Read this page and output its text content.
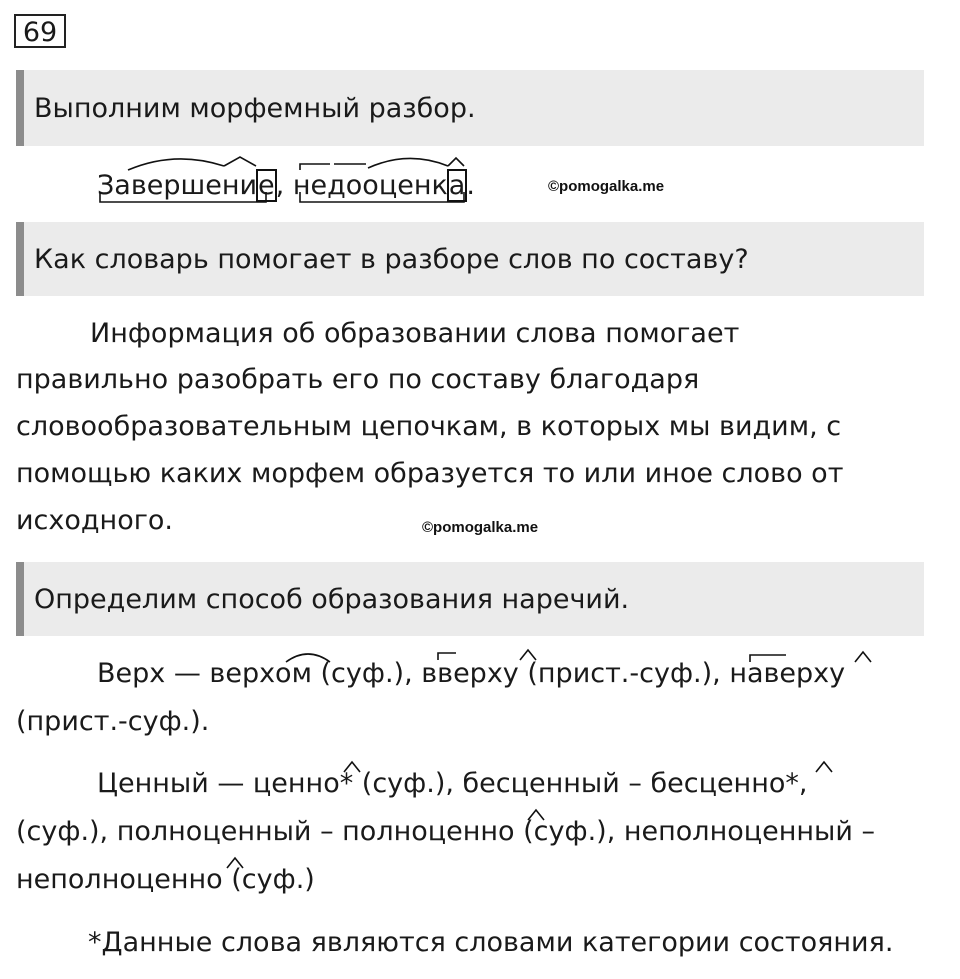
69
Выполним морфемный разбор.
Завершение, недооценка.	©pomogalka.me
Как словарь помогает в разборе слов по составу?
Информация об образовании слова помогает
правильно разобрать его по составу благодаря
словообразовательным цепочкам, в которых мы видим, с
помощью каких морфем образуется то или иное слово от
исходного.	©pomogalka.me
Определим способ образования наречий.
Верх — верхом (суф.), вверху (прист.-суф.), наверху
(прист.-суф.).
Ценный — ценно* (суф.), бесценный – бесценно*,
(суф.), полноценный – полноценно (суф.), неполноценный –
неполноценно (суф.)
*Данные слова являются словами категории состояния.
